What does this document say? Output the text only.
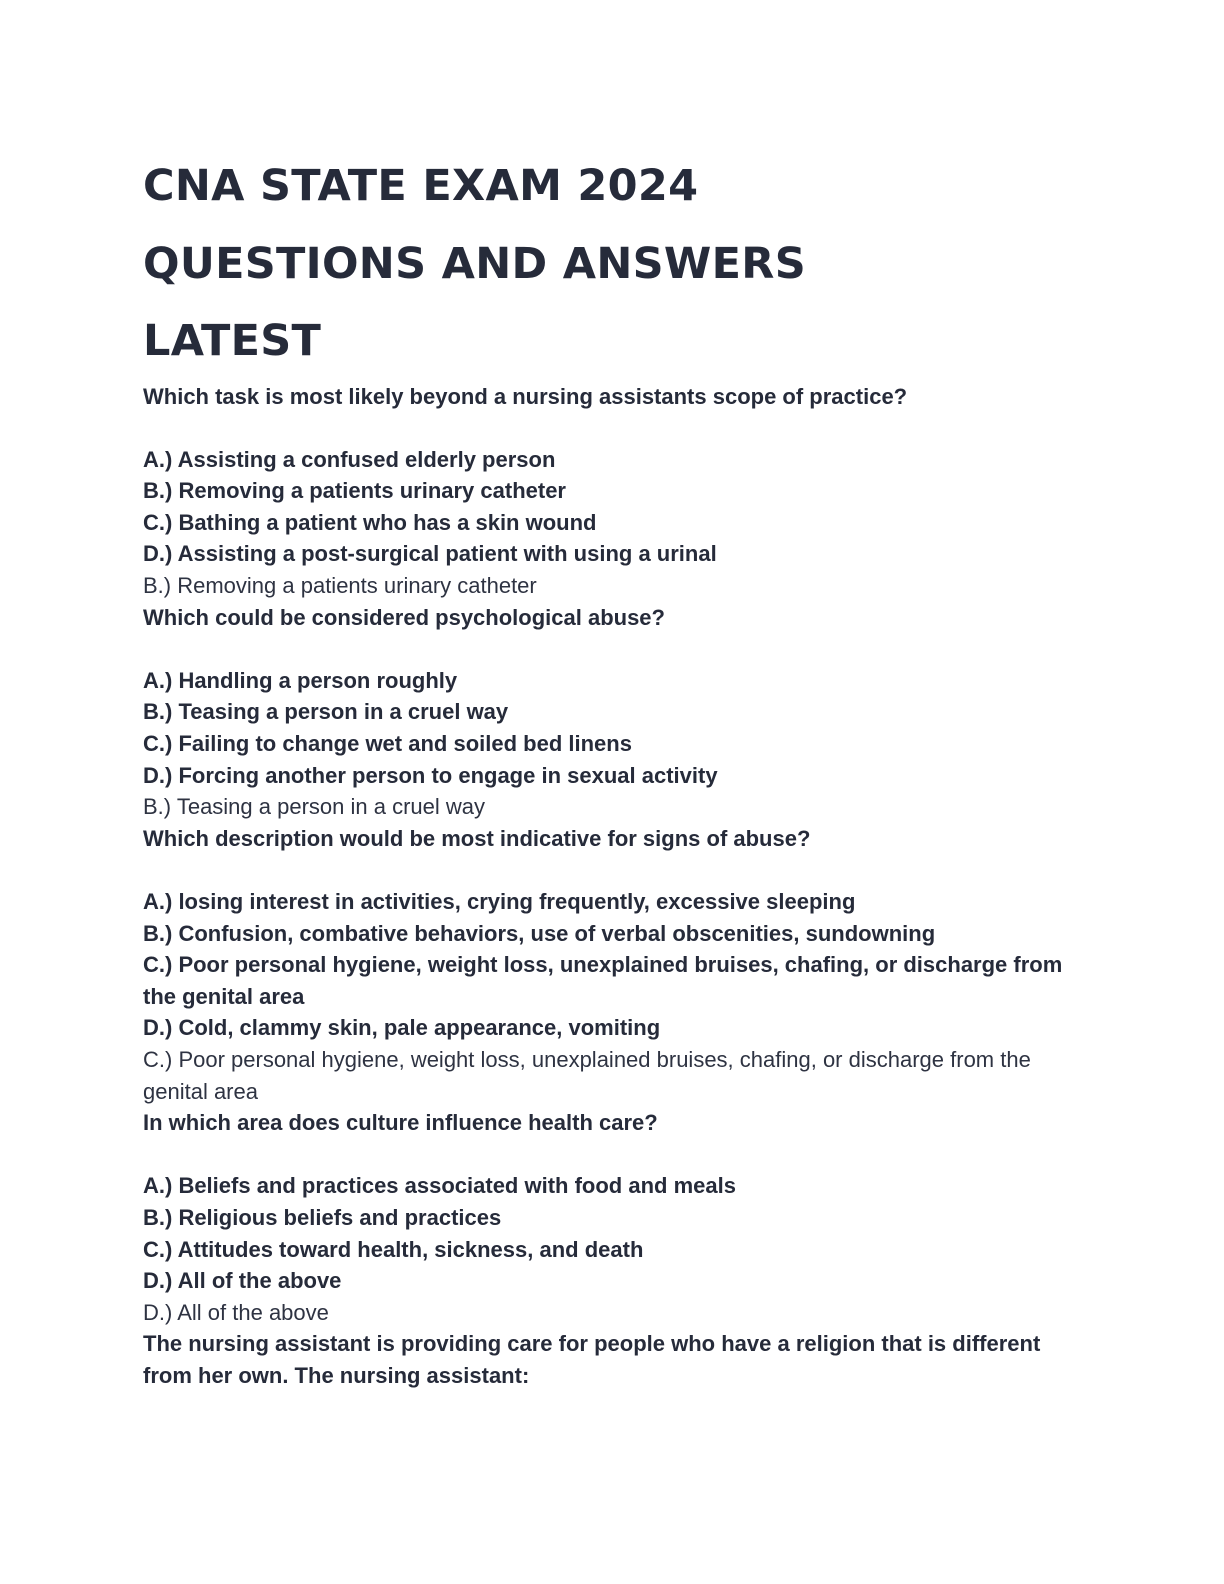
CNA STATE EXAM 2024
QUESTIONS AND ANSWERS
LATEST

Which task is most likely beyond a nursing assistants scope of practice?

A.) Assisting a confused elderly person

B.) Removing a patients urinary catheter

C.) Bathing a patient who has a skin wound

D.) Assisting a post-surgical patient with using a urinal

B.) Removing a patients urinary catheter

Which could be considered psychological abuse?

A.) Handling a person roughly

B.) Teasing a person in a cruel way

C.) Failing to change wet and soiled bed linens

D.) Forcing another person to engage in sexual activity

B.) Teasing a person in a cruel way

Which description would be most indicative for signs of abuse?

A.) losing interest in activities, crying frequently, excessive sleeping

B.) Confusion, combative behaviors, use of verbal obscenities, sundowning

C.) Poor personal hygiene, weight loss, unexplained bruises, chafing, or discharge from the genital area

D.) Cold, clammy skin, pale appearance, vomiting

C.) Poor personal hygiene, weight loss, unexplained bruises, chafing, or discharge from the genital area

In which area does culture influence health care?

A.) Beliefs and practices associated with food and meals

B.) Religious beliefs and practices

C.) Attitudes toward health, sickness, and death

D.) All of the above

D.) All of the above

The nursing assistant is providing care for people who have a religion that is different from her own. The nursing assistant:
